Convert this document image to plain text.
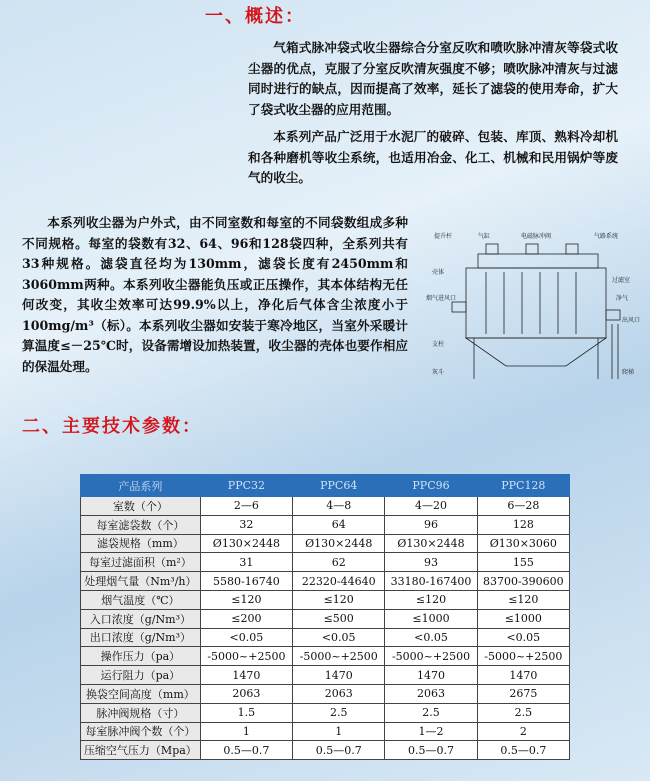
一、概述：
气箱式脉冲袋式收尘器综合分室反吹和喷吹脉冲清灰等袋式收尘器的优点，克服了分室反吹清灰强度不够；喷吹脉冲清灰与过滤同时进行的缺点，因而提高了效率，延长了滤袋的使用寿命，扩大了袋式收尘器的应用范围。
本系列产品广泛用于水泥厂的破碎、包装、库顶、熟料冷却机和各种磨机等收尘系统，也适用冶金、化工、机械和民用锅炉等废气的收尘。
本系列收尘器为户外式，由不同室数和每室的不同袋数组成多种不同规格。每室的袋数有32、64、96和128袋四种，全系列共有33种规格。滤袋直径均为130mm，滤袋长度有2450mm和3060mm两种。本系列收尘器能负压或正压操作，其本体结构无任何改变，其收尘效率可达99.9%以上，净化后气体含尘浓度小于100mg/m³（标）。本系列收尘器如安装于寒冷地区，当室外采暖计算温度≤－25℃时，设备需增设加热装置，收尘器的壳体也要作相应的保温处理。
提升杆	气缸	电磁脉冲阀	气路系统
壳体
烟气进风口
支柱
灰斗
过滤室
净气
出风口
爬梯
二、主要技术参数：
产品系列	PPC32	PPC64	PPC96	PPC128
室数（个）	2—6	4—8	4—20	6—28
每室滤袋数（个）	32	64	96	128
滤袋规格（mm）	Ø130×2448	Ø130×2448	Ø130×2448	Ø130×3060
每室过滤面积（m²）	31	62	93	155
处理烟气量（Nm³/h）	5580-16740	22320-44640	33180-167400	83700-390600
烟气温度（℃）	≤120	≤120	≤120	≤120
入口浓度（g/Nm³）	≤200	≤500	≤1000	≤1000
出口浓度（g/Nm³）	<0.05	<0.05	<0.05	<0.05
操作压力（pa）	-5000~+2500	-5000~+2500	-5000~+2500	-5000~+2500
运行阻力（pa）	1470	1470	1470	1470
换袋空间高度（mm）	2063	2063	2063	2675
脉冲阀规格（寸）	1.5	2.5	2.5	2.5
每室脉冲阀个数（个）	1	1	1—2	2
压缩空气压力（Mpa）	0.5—0.7	0.5—0.7	0.5—0.7	0.5—0.7
